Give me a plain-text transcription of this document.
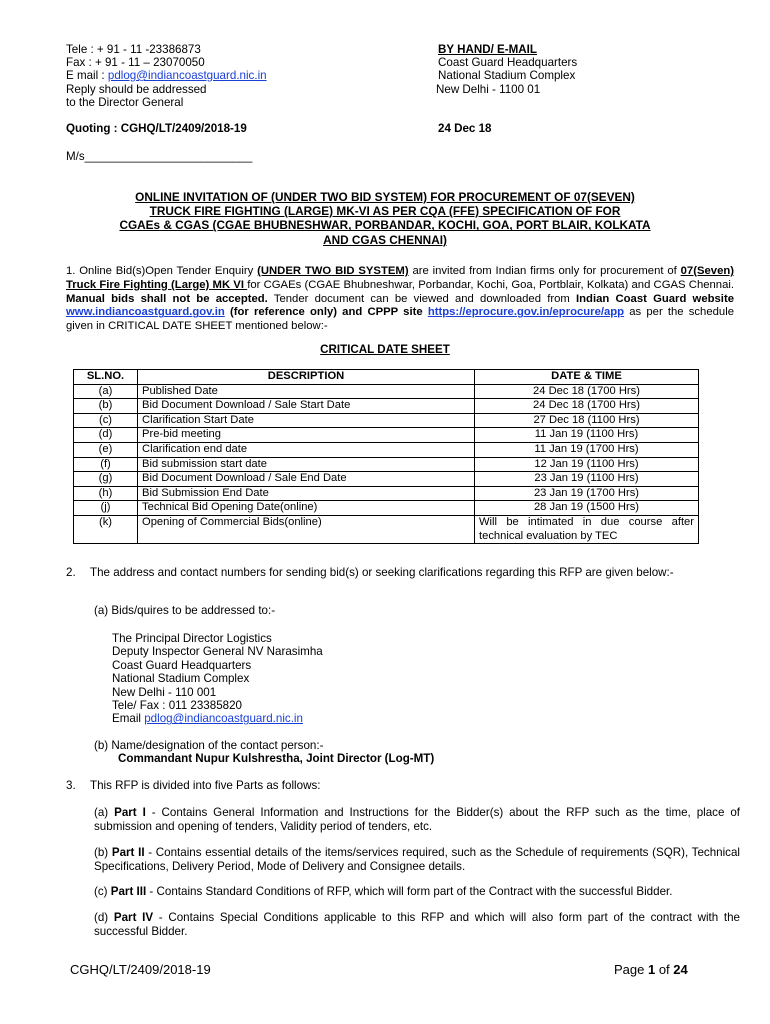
Tele : + 91 - 11 -23386873
Fax : + 91 - 11 – 23070050
E mail : pdlog@indiancoastguard.nic.in
Reply should be addressed
to the Director General
BY HAND/ E-MAIL
Coast Guard Headquarters
National Stadium Complex
New Delhi - 1100 01
Quoting : CGHQ/LT/2409/2018-19	24 Dec 18
M/s__________________________
ONLINE INVITATION OF (UNDER TWO BID SYSTEM) FOR PROCUREMENT OF 07(SEVEN)
TRUCK FIRE FIGHTING (LARGE) MK-VI AS PER CQA (FFE) SPECIFICATION OF FOR
CGAEs & CGAS (CGAE BHUBNESHWAR, PORBANDAR, KOCHI, GOA, PORT BLAIR, KOLKATA
AND CGAS CHENNAI)
1. Online Bid(s)Open Tender Enquiry (UNDER TWO BID SYSTEM) are invited from Indian firms only for procurement of 07(Seven) Truck Fire Fighting (Large) MK VI for CGAEs (CGAE Bhubneshwar, Porbandar, Kochi, Goa, Portblair, Kolkata) and CGAS Chennai. Manual bids shall not be accepted. Tender document can be viewed and downloaded from Indian Coast Guard website www.indiancoastguard.gov.in (for reference only) and CPPP site https://eprocure.gov.in/eprocure/app as per the schedule given in CRITICAL DATE SHEET mentioned below:-
CRITICAL DATE SHEET
SL.NO.	DESCRIPTION	DATE & TIME
(a)	Published Date	24 Dec 18 (1700 Hrs)
(b)	Bid Document Download / Sale Start Date	24 Dec 18 (1700 Hrs)
(c)	Clarification Start Date	27 Dec 18 (1100 Hrs)
(d)	Pre-bid meeting	11 Jan 19 (1100 Hrs)
(e)	Clarification end date	11 Jan 19 (1700 Hrs)
(f)	Bid submission start date	12 Jan 19 (1100 Hrs)
(g)	Bid Document Download / Sale End Date	23 Jan 19 (1100 Hrs)
(h)	Bid Submission End Date	23 Jan 19 (1700 Hrs)
(j)	Technical Bid Opening Date(online)	28 Jan 19 (1500 Hrs)
(k)	Opening of Commercial Bids(online)	Will be intimated in due course after technical evaluation by TEC
2. The address and contact numbers for sending bid(s) or seeking clarifications regarding this RFP are given below:-
(a) Bids/quires to be addressed to:-
The Principal Director Logistics
Deputy Inspector General NV Narasimha
Coast Guard Headquarters
National Stadium Complex
New Delhi - 110 001
Tele/ Fax : 011 23385820
Email pdlog@indiancoastguard.nic.in
(b) Name/designation of the contact person:-
Commandant Nupur Kulshrestha, Joint Director (Log-MT)
3. This RFP is divided into five Parts as follows:
(a) Part I - Contains General Information and Instructions for the Bidder(s) about the RFP such as the time, place of submission and opening of tenders, Validity period of tenders, etc.
(b) Part II - Contains essential details of the items/services required, such as the Schedule of requirements (SQR), Technical Specifications, Delivery Period, Mode of Delivery and Consignee details.
(c) Part III - Contains Standard Conditions of RFP, which will form part of the Contract with the successful Bidder.
(d) Part IV - Contains Special Conditions applicable to this RFP and which will also form part of the contract with the successful Bidder.
CGHQ/LT/2409/2018-19	Page 1 of 24
